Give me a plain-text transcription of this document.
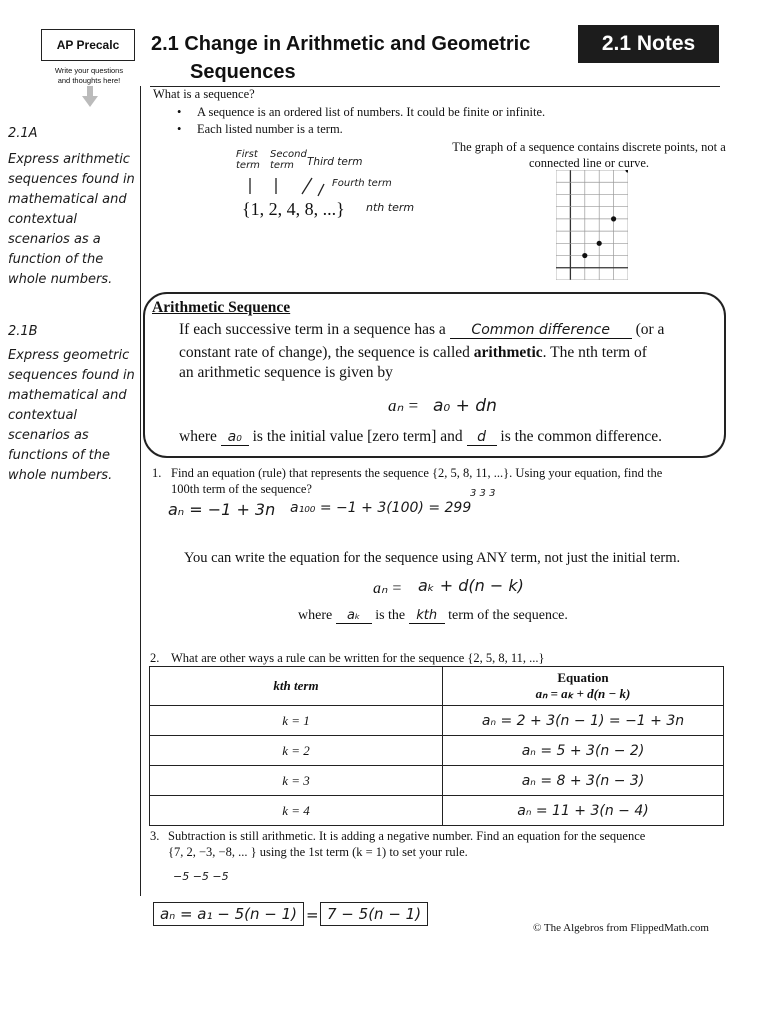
AP Precalc	2.1 Change in Arithmetic and Geometric
Sequences
2.1 Notes
Write your questions and thoughts here!
2.1A
Express arithmetic sequences found in mathematical and contextual scenarios as a function of the whole numbers.
2.1B
Express geometric sequences found in mathematical and contextual scenarios as functions of the whole numbers.
What is a sequence?
• A sequence is an ordered list of numbers. It could be finite or infinite.
• Each listed number is a term.
First term
Second term	Third term
Fourth term
{1, 2, 4, 8, ...} nth term
The graph of a sequence contains discrete points, not a connected line or curve.
Arithmetic Sequence
If each successive term in a sequence has a Common difference (or a
constant rate of change), the sequence is called arithmetic. The nth term of
an arithmetic sequence is given by
aₙ = a₀ + dn
where a₀ is the initial value [zero term] and d is the common difference.
1. Find an equation (rule) that represents the sequence {2, 5, 8, 11, ...}. Using your equation, find the
100th term of the sequence?	3 3 3
aₙ = −1 + 3n a₁₀₀ = −1 + 3(100) = 299
You can write the equation for the sequence using ANY term, not just the initial term.
aₙ = aₖ + d(n − k)
where aₖ is the kth term of the sequence.
2. What are other ways a rule can be written for the sequence {2, 5, 8, 11, ...}
kth term	Equation
aₙ = aₖ + d(n − k)

k = 1	aₙ = 2 + 3(n − 1) = −1 + 3n
k = 2	aₙ = 5 + 3(n − 2)
k = 3	aₙ = 8 + 3(n − 3)
k = 4	aₙ = 11 + 3(n − 4)
3. Subtraction is still arithmetic. It is adding a negative number. Find an equation for the sequence
{7, 2, −3, −8, ... } using the 1st term (k = 1) to set your rule.
−5 −5 −5
aₙ = a₁ − 5(n − 1) = 7 − 5(n − 1)
© The Algebros from FlippedMath.com
